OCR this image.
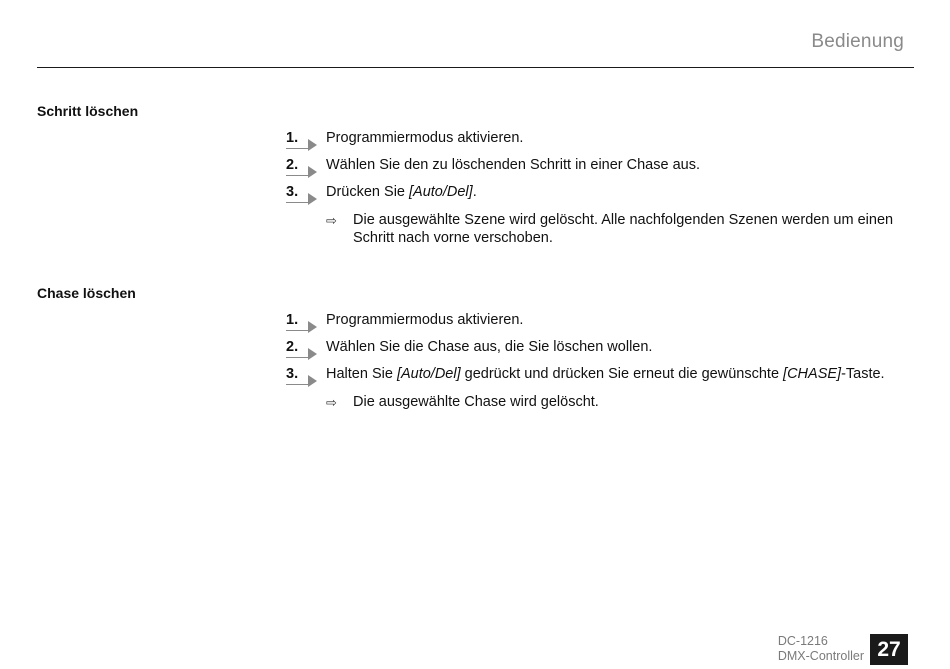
Bedienung
Schritt löschen
1. Programmiermodus aktivieren.
2. Wählen Sie den zu löschenden Schritt in einer Chase aus.
3. Drücken Sie [Auto/Del].
⇨	Die ausgewählte Szene wird gelöscht. Alle nachfolgenden Szenen werden um einen Schritt nach vorne verschoben.
Chase löschen
1. Programmiermodus aktivieren.
2. Wählen Sie die Chase aus, die Sie löschen wollen.
3. Halten Sie [Auto/Del] gedrückt und drücken Sie erneut die gewünschte [CHASE]-Taste.
⇨	Die ausgewählte Chase wird gelöscht.
DC-1216
DMX-Controller 27
